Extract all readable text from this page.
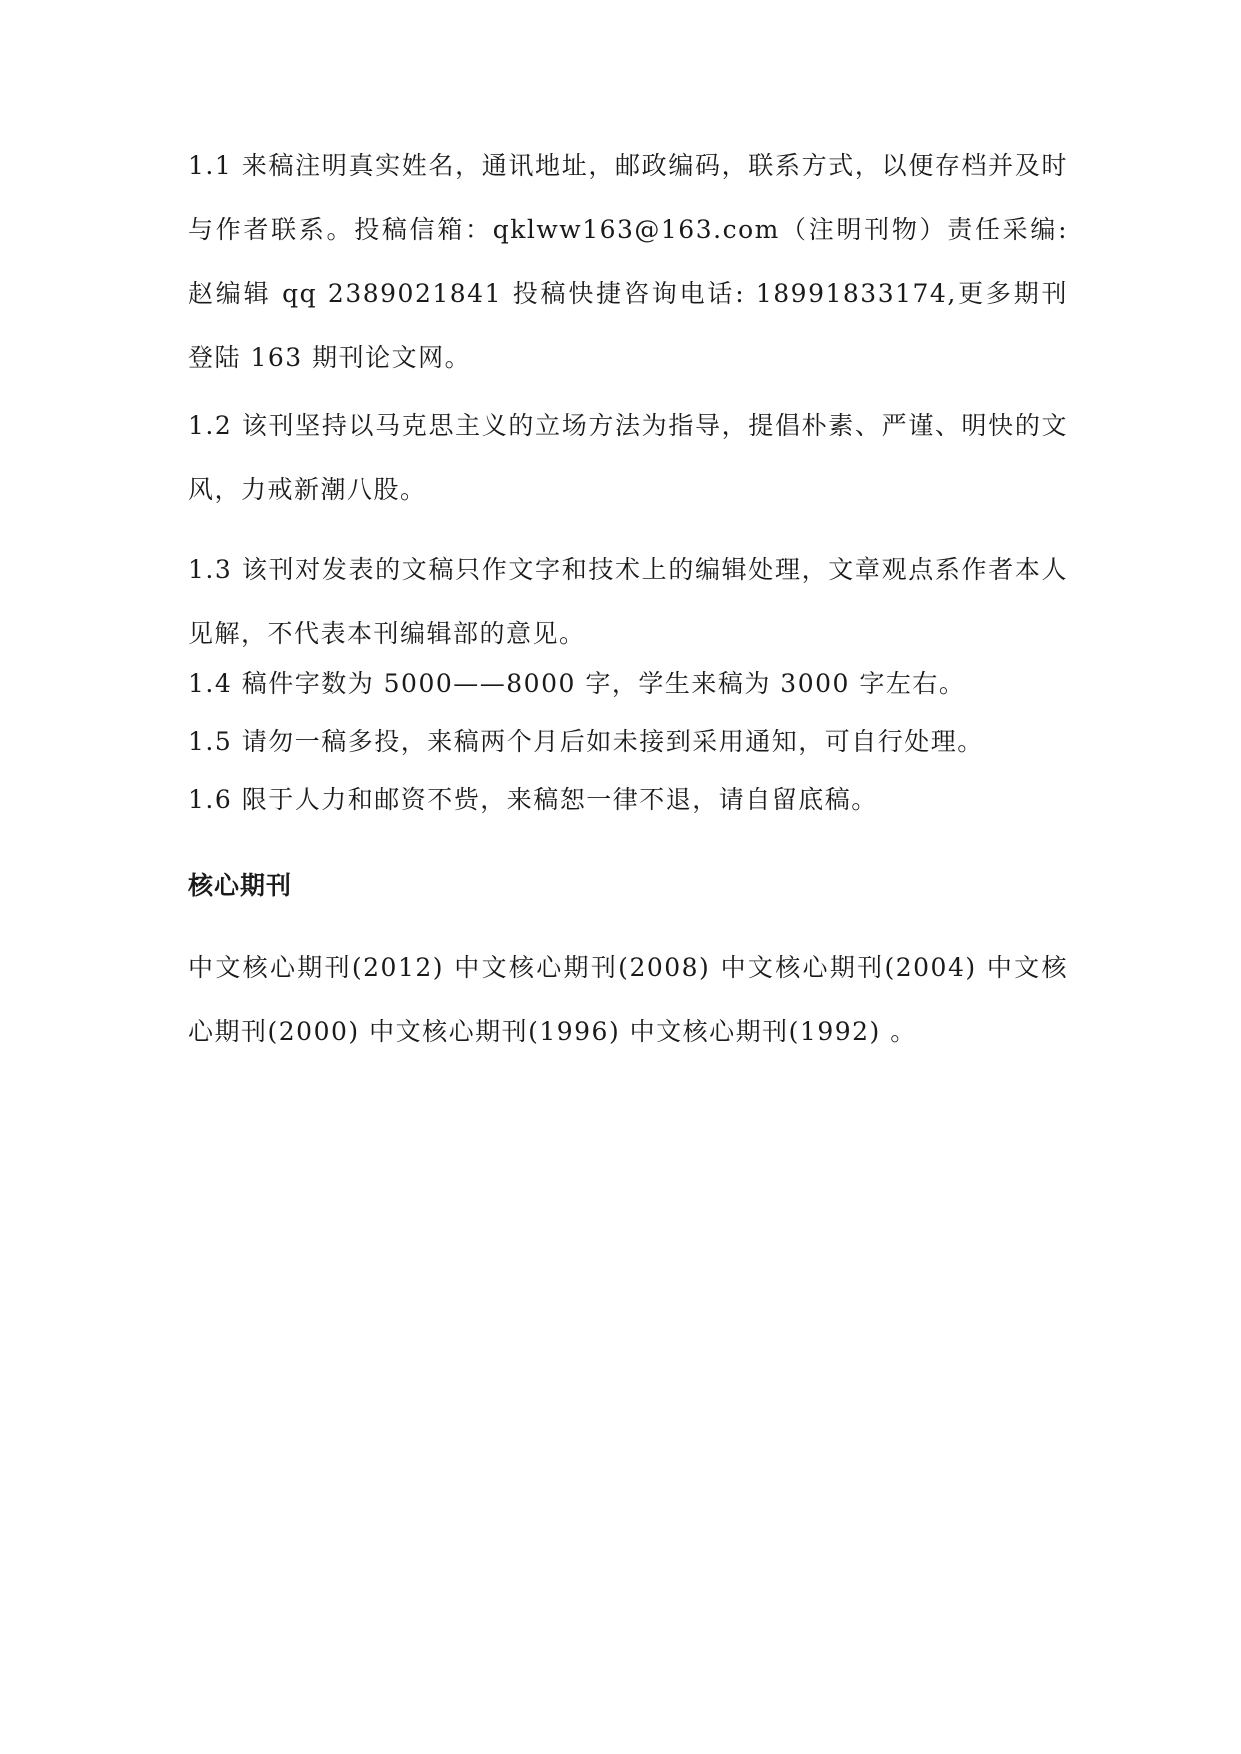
1.1 来稿注明真实姓名，通讯地址，邮政编码，联系方式，以便存档并及时与作者联系。投稿信箱：qklww163@163.com（注明刊物）责任采编: 赵编辑 qq 2389021841 投稿快捷咨询电话: 18991833174,更多期刊登陆 163 期刊论文网。

1.2 该刊坚持以马克思主义的立场方法为指导，提倡朴素、严谨、明快的文风，力戒新潮八股。

1.3 该刊对发表的文稿只作文字和技术上的编辑处理，文章观点系作者本人见解，不代表本刊编辑部的意见。

1.4 稿件字数为 5000——8000 字，学生来稿为 3000 字左右。

1.5 请勿一稿多投，来稿两个月后如未接到采用通知，可自行处理。

1.6 限于人力和邮资不赀，来稿恕一律不退，请自留底稿。

核心期刊

中文核心期刊(2012) 中文核心期刊(2008) 中文核心期刊(2004) 中文核心期刊(2000) 中文核心期刊(1996) 中文核心期刊(1992) 。
